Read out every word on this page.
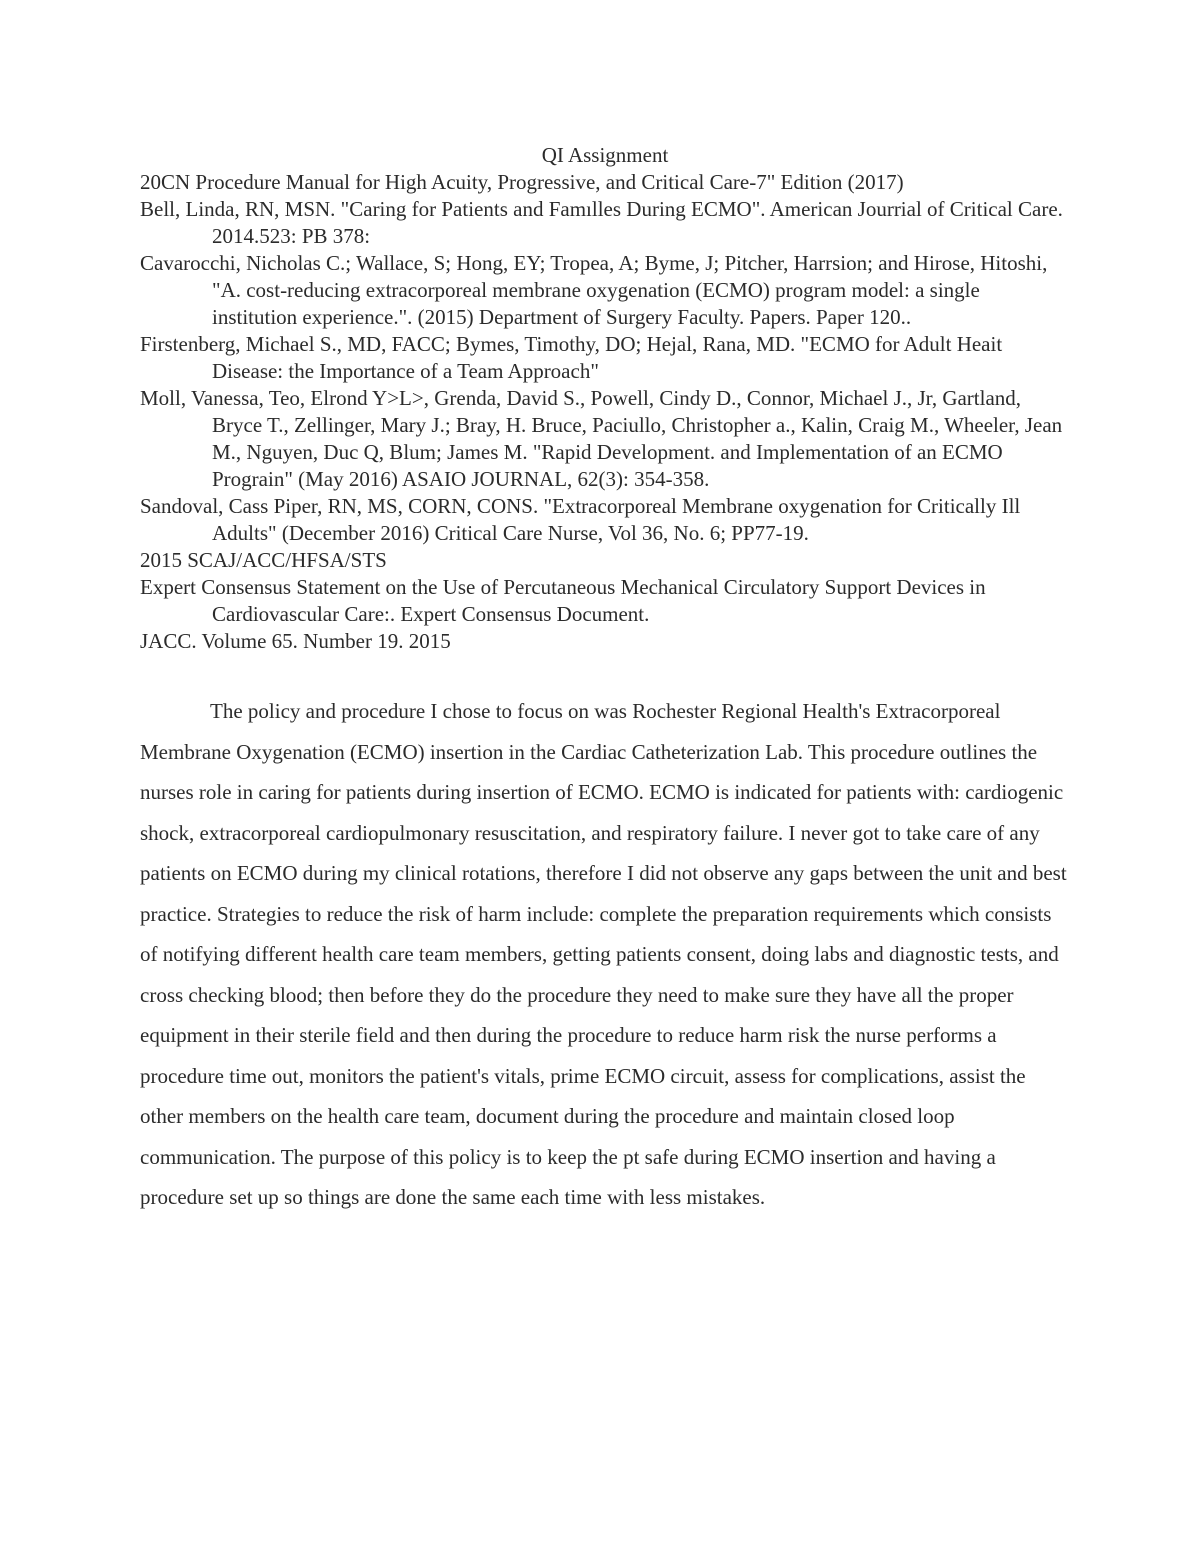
QI Assignment
20CN Procedure Manual for High Acuity, Progressive, and Critical Care-7" Edition (2017)
Bell, Linda, RN, MSN. "Caring for Patients and Famılles During ECMO". American Jourrial of Critical Care. 2014.523: PB 378:
Cavarocchi, Nicholas C.; Wallace, S; Hong, EY; Tropea, A; Byme, J; Pitcher, Harrsion; and Hirose, Hitoshi, "A. cost-reducing extracorporeal membrane oxygenation (ECMO) program model: a single institution experience.". (2015) Department of Surgery Faculty. Papers. Paper 120..
Firstenberg, Michael S., MD, FACC; Bymes, Timothy, DO; Hejal, Rana, MD. "ECMO for Adult Heait Disease: the Importance of a Team Approach"
Moll, Vanessa, Teo, Elrond Y>L>, Grenda, David S., Powell, Cindy D., Connor, Michael J., Jr, Gartland, Bryce T., Zellinger, Mary J.; Bray, H. Bruce, Paciullo, Christopher a., Kalin, Craig M., Wheeler, Jean M., Nguyen, Duc Q, Blum; James M. "Rapid Development. and Implementation of an ECMO Prograin" (May 2016) ASAIO JOURNAL, 62(3): 354-358.
Sandoval, Cass Piper, RN, MS, CORN, CONS. "Extracorporeal Membrane oxygenation for Critically Ill Adults" (December 2016) Critical Care Nurse, Vol 36, No. 6; PP77-19.
2015 SCAJ/ACC/HFSA/STS
Expert Consensus Statement on the Use of Percutaneous Mechanical Circulatory Support Devices in Cardiovascular Care:. Expert Consensus Document.
JACC. Volume 65. Number 19. 2015

The policy and procedure I chose to focus on was Rochester Regional Health's Extracorporeal Membrane Oxygenation (ECMO) insertion in the Cardiac Catheterization Lab. This procedure outlines the nurses role in caring for patients during insertion of ECMO. ECMO is indicated for patients with: cardiogenic shock, extracorporeal cardiopulmonary resuscitation, and respiratory failure. I never got to take care of any patients on ECMO during my clinical rotations, therefore I did not observe any gaps between the unit and best practice. Strategies to reduce the risk of harm include: complete the preparation requirements which consists of notifying different health care team members, getting patients consent, doing labs and diagnostic tests, and cross checking blood; then before they do the procedure they need to make sure they have all the proper equipment in their sterile field and then during the procedure to reduce harm risk the nurse performs a procedure time out, monitors the patient's vitals, prime ECMO circuit, assess for complications, assist the other members on the health care team, document during the procedure and maintain closed loop communication. The purpose of this policy is to keep the pt safe during ECMO insertion and having a procedure set up so things are done the same each time with less mistakes.
